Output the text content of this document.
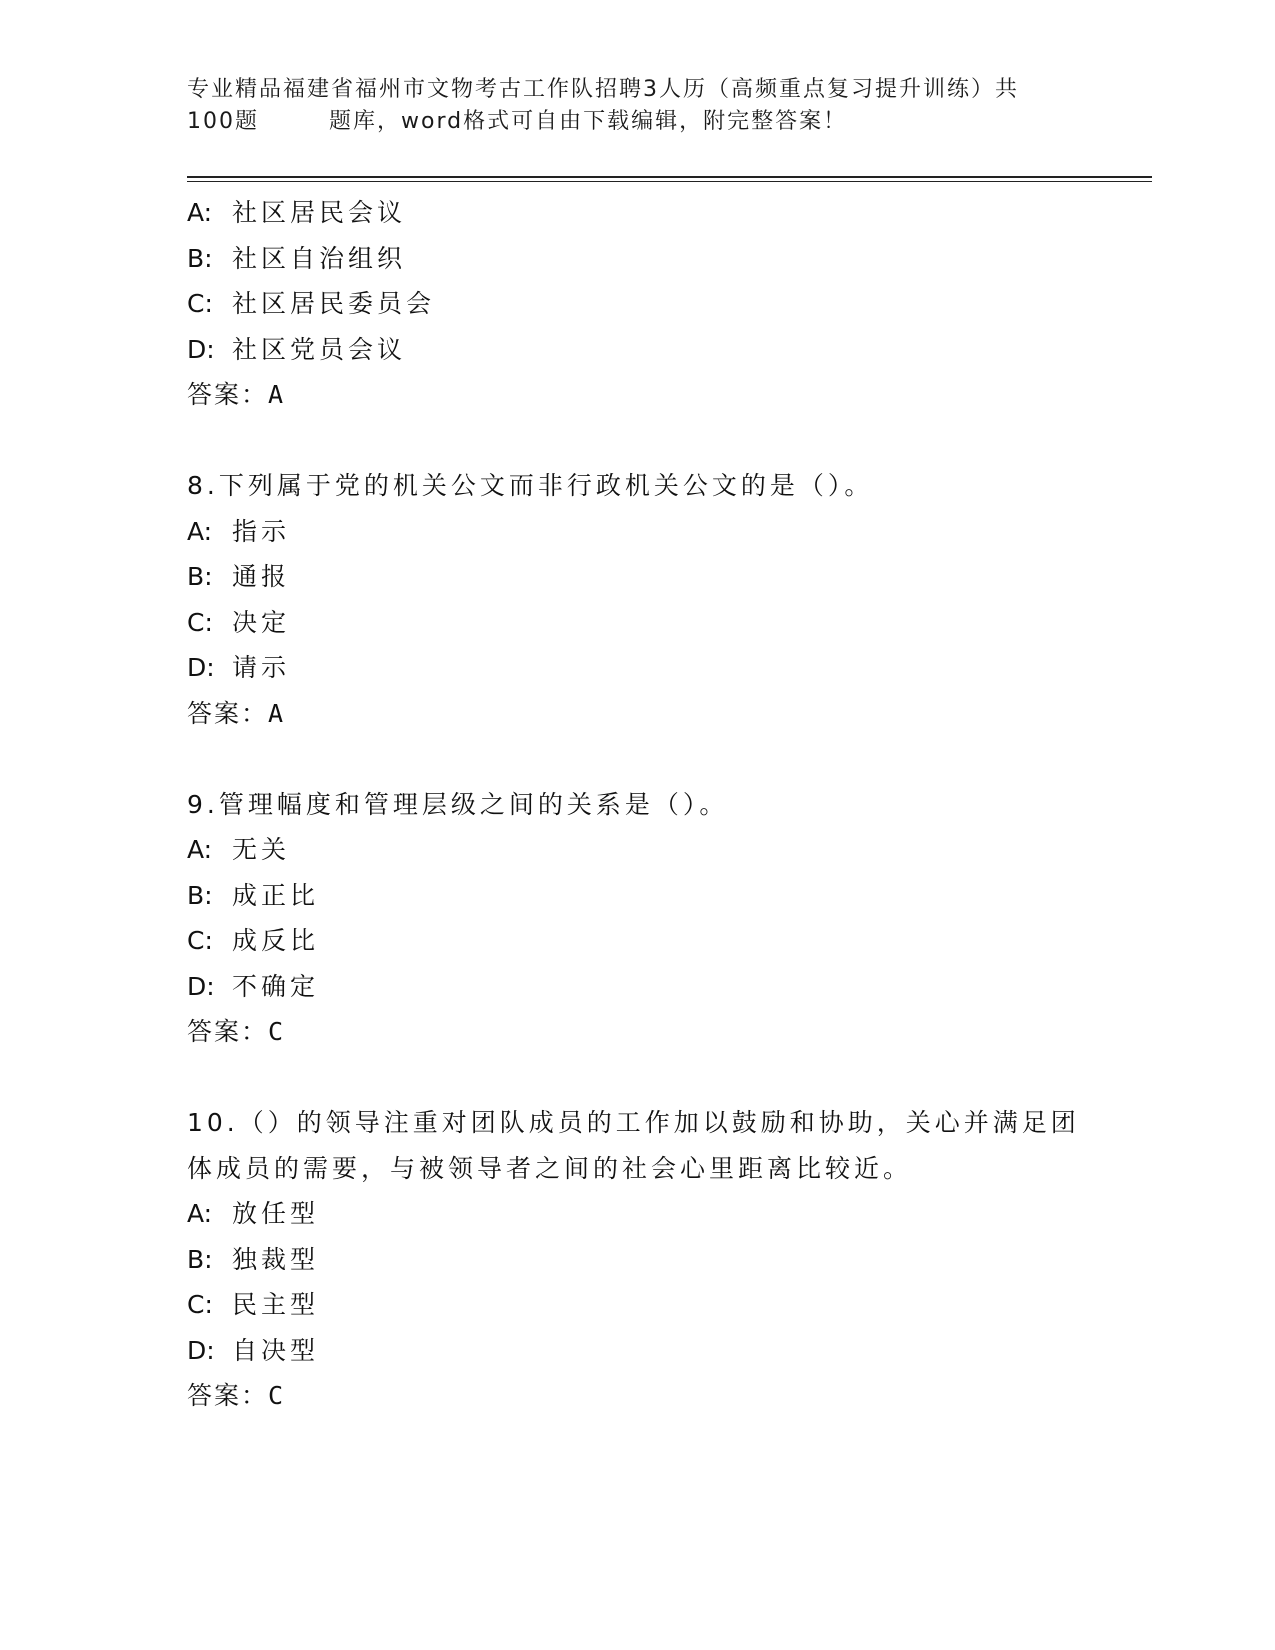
专业精品福建省福州市文物考古工作队招聘3人历（高频重点复习提升训练）共
100题	题库，word格式可自由下载编辑，附完整答案！
A: 社区居民会议
B: 社区自治组织
C: 社区居民委员会
D: 社区党员会议
答案：A
8.下列属于党的机关公文而非行政机关公文的是（）。
A: 指示
B: 通报
C: 决定
D: 请示
答案：A
9.管理幅度和管理层级之间的关系是（）。
A: 无关
B: 成正比
C: 成反比
D: 不确定
答案：C
10.（）的领导注重对团队成员的工作加以鼓励和协助，关心并满足团
体成员的需要，与被领导者之间的社会心里距离比较近。
A: 放任型
B: 独裁型
C: 民主型
D: 自决型
答案：C
